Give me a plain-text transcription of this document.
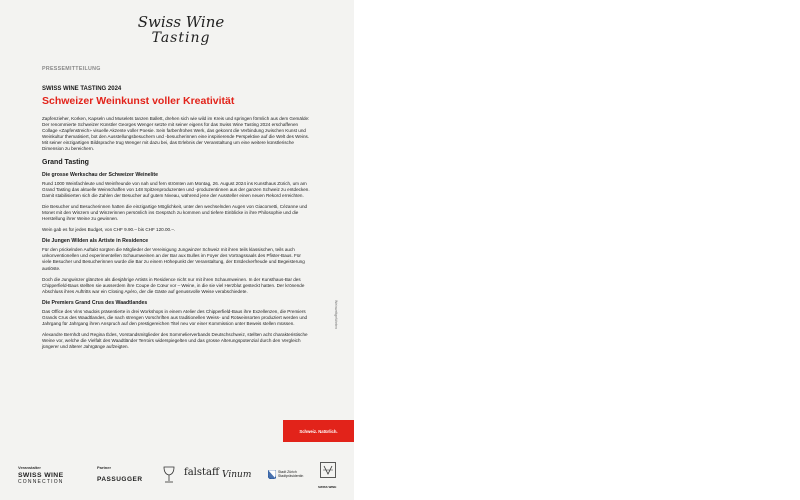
Swiss Wine
Tasting
PRESSEMITTEILUNG
SWISS WINE TASTING 2024
Schweizer Weinkunst voller Kreativität

Zapfenzieher, Korken, Kapseln und Muselets tanzen Ballett, drehen sich wie wild im Kreis und springen förmlich aus dem Gemälde: Der renommierte Schweizer Künstler Georges Wenger setzte mit seiner eigens für das Swiss Wine Tasting 2024 erschaffenen Collage «Zapfenstreich» visuelle Akzente voller Poesie. Sein farbenfrohes Werk, das gekonnt die Verbindung zwischen Kunst und Weinkultur thematisiert, bot den Ausstellungsbesuchern und -besucherinnen eine inspirierende Perspektive auf die Welt des Weins. Mit seiner einzigartigen Bildsprache trug Wenger mit dazu bei, das Erlebnis der Veranstaltung um eine weitere künstlerische Dimension zu bereichern.

Grand Tasting
Die grosse Werkschau der Schweizer Weinelite

Rund 1000 Weinfachleute und Weinfreunde von nah und fern strömten am Montag, 26. August 2024 ins Kunsthaus Zürich, um am Grand Tasting das aktuelle Weinschaffen von 148 Spitzenproduzenten und -produzentinnen aus der ganzen Schweiz zu entdecken. Damit stabilisierten sich die Zahlen der Besucher auf gutem Niveau, während jene der Aussteller einen neuen Rekord erreichten.

Die Besucher und Besucherinnen hatten die einzigartige Möglichkeit, unter den wechselnden Augen von Giacometti, Cézanne und Monet mit den Winzern und Winzerinnen persönlich ins Gespräch zu kommen und tiefere Einblicke in ihre Philosophie und die Herstellung ihrer Weine zu gewinnen.

Wein gab es für jedes Budget, von CHF 9.90.– bis CHF 120.00.–.

Die Jungen Wilden als Artiste in Residence

Für den prickelnden Auftakt sorgten die Mitglieder der Vereinigung Jungwinzer Schweiz mit ihren teils klassischen, teils auch unkonventionellen und experimentellen Schaumweinen an der Bar aux Bulles im Foyer des Vortragssaals des Pfister-Baus. Für viele Besucher und Besucherinnen wurde die Bar zu einem Höhepunkt der Veranstaltung, der Entdeckerfreude und Begeisterung auslöste.

Doch die Jungwinzer glänzten als diesjährige Artists in Residence nicht nur mit ihren Schaumweinen. In der Kunsthaus-Bar des Chipperfield-Baus stellten sie ausserdem ihre Coupe de Cœur vor – Weine, in die sie viel Herzblut gesteckt hatten. Der krönende Abschluss ihres Auftritts war ein Closing Apéro, der die Gäste auf genussvolle Weise verabschiedete.

Die Premiers Grand Crus des Waadtlandes

Das Office des Vins Vaudois präsentierte in drei Workshops in einem Atelier des Chipperfield-Baus ihre Exzellenzen, die Premiers Grands Crus des Waadtlandes, die nach strengen Vorschriften aus traditionellen Weiss- und Rotweinsorten produziert werden und Jahrgang für Jahrgang ihren Anspruch auf den prestigereichen Titel neu vor einer Kommission unter Beweis stellen müssen.

Alexandre Bernhdt und Regina Édes, Vorstandsmitglieder des Sommelierverbands Deutschschweiz, stellten acht charakteristische Weine vor, welche die Vielfalt des Waadtländer Terroirs widerspiegelten und das grosse Alterungspotenzial durch den Vergleich jüngerer und älterer Jahrgänge aufzeigten.

Weinweltgefährten
Schweiz. Natürlich.
Veranstalter	Partner
SWISS WINE
CONNECTION	PASSUGGER
falstaff Vinum	Stadt Zürich
Stadtpräsidentin
SWISS WINE
